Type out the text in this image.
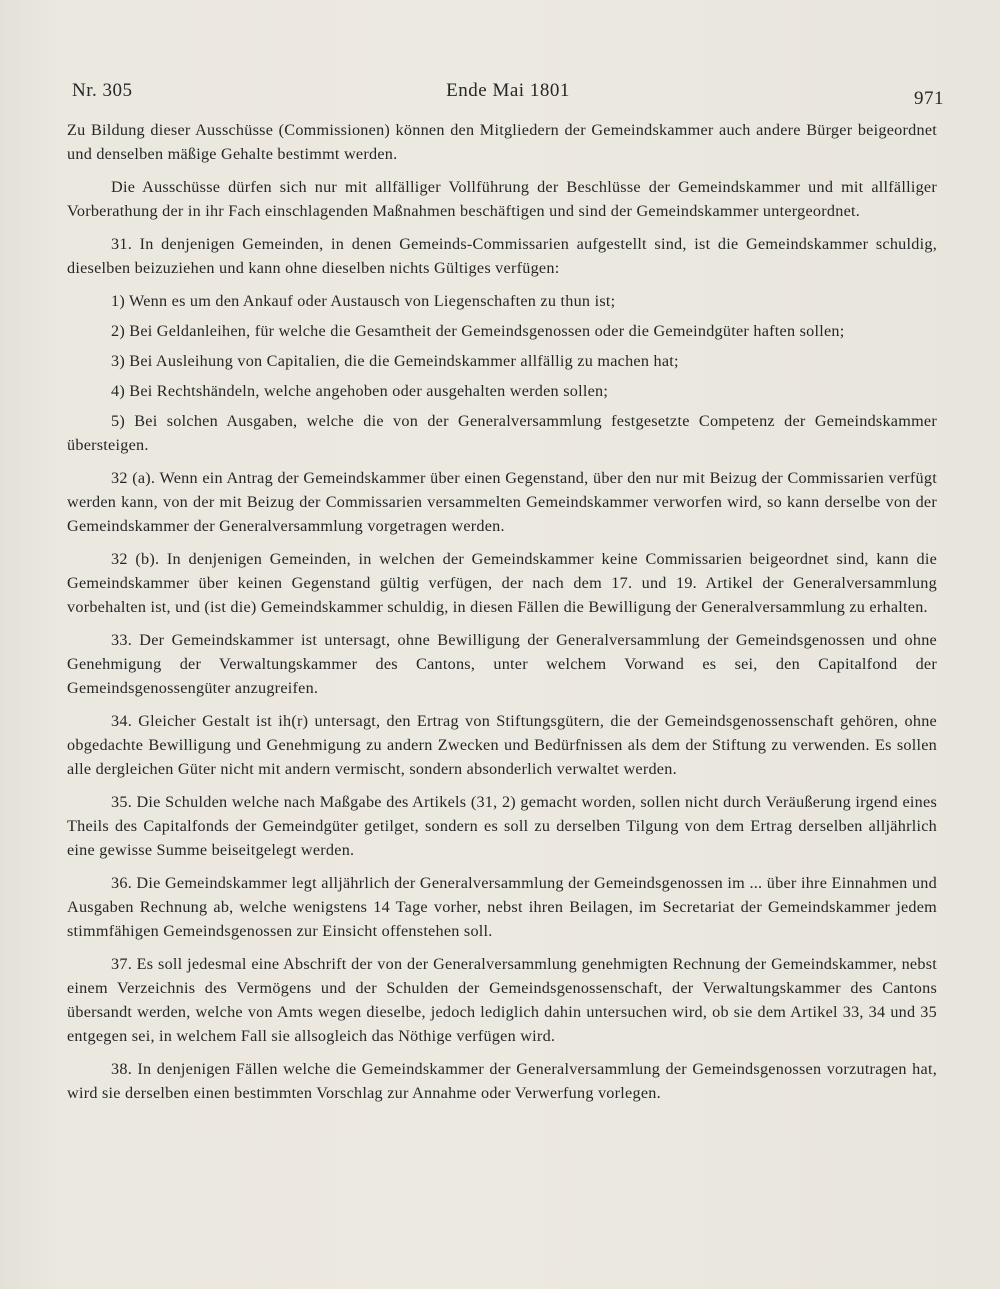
Nr. 305	Ende Mai 1801	971

Zu Bildung dieser Ausschüsse (Commissionen) können den Mitgliedern der Gemeindskammer auch andere Bürger beigeordnet und denselben mäßige Gehalte bestimmt werden.

Die Ausschüsse dürfen sich nur mit allfälliger Vollführung der Beschlüsse der Gemeindskammer und mit allfälliger Vorberathung der in ihr Fach einschlagenden Maßnahmen beschäftigen und sind der Gemeindskammer untergeordnet.

31. In denjenigen Gemeinden, in denen Gemeinds-Commissarien aufgestellt sind, ist die Gemeindskammer schuldig, dieselben beizuziehen und kann ohne dieselben nichts Gültiges verfügen:

1) Wenn es um den Ankauf oder Austausch von Liegenschaften zu thun ist;

2) Bei Geldanleihen, für welche die Gesamtheit der Gemeindsgenossen oder die Gemeindgüter haften sollen;

3) Bei Ausleihung von Capitalien, die die Gemeindskammer allfällig zu machen hat;

4) Bei Rechtshändeln, welche angehoben oder ausgehalten werden sollen;

5) Bei solchen Ausgaben, welche die von der Generalversammlung festgesetzte Competenz der Gemeindskammer übersteigen.

32 (a). Wenn ein Antrag der Gemeindskammer über einen Gegenstand, über den nur mit Beizug der Commissarien verfügt werden kann, von der mit Beizug der Commissarien versammelten Gemeindskammer verworfen wird, so kann derselbe von der Gemeindskammer der Generalversammlung vorgetragen werden.

32 (b). In denjenigen Gemeinden, in welchen der Gemeindskammer keine Commissarien beigeordnet sind, kann die Gemeindskammer über keinen Gegenstand gültig verfügen, der nach dem 17. und 19. Artikel der Generalversammlung vorbehalten ist, und (ist die) Gemeindskammer schuldig, in diesen Fällen die Bewilligung der Generalversammlung zu erhalten.

33. Der Gemeindskammer ist untersagt, ohne Bewilligung der Generalversammlung der Gemeindsgenossen und ohne Genehmigung der Verwaltungskammer des Cantons, unter welchem Vorwand es sei, den Capitalfond der Gemeindsgenossengüter anzugreifen.

34. Gleicher Gestalt ist ih(r) untersagt, den Ertrag von Stiftungsgütern, die der Gemeindsgenossenschaft gehören, ohne obgedachte Bewilligung und Genehmigung zu andern Zwecken und Bedürfnissen als dem der Stiftung zu verwenden. Es sollen alle dergleichen Güter nicht mit andern vermischt, sondern absonderlich verwaltet werden.

35. Die Schulden welche nach Maßgabe des Artikels (31, 2) gemacht worden, sollen nicht durch Veräußerung irgend eines Theils des Capitalfonds der Gemeindgüter getilget, sondern es soll zu derselben Tilgung von dem Ertrag derselben alljährlich eine gewisse Summe beiseitgelegt werden.

36. Die Gemeindskammer legt alljährlich der Generalversammlung der Gemeindsgenossen im ... über ihre Einnahmen und Ausgaben Rechnung ab, welche wenigstens 14 Tage vorher, nebst ihren Beilagen, im Secretariat der Gemeindskammer jedem stimmfähigen Gemeindsgenossen zur Einsicht offenstehen soll.

37. Es soll jedesmal eine Abschrift der von der Generalversammlung genehmigten Rechnung der Gemeindskammer, nebst einem Verzeichnis des Vermögens und der Schulden der Gemeindsgenossenschaft, der Verwaltungskammer des Cantons übersandt werden, welche von Amts wegen dieselbe, jedoch lediglich dahin untersuchen wird, ob sie dem Artikel 33, 34 und 35 entgegen sei, in welchem Fall sie allsogleich das Nöthige verfügen wird.

38. In denjenigen Fällen welche die Gemeindskammer der Generalversammlung der Gemeindsgenossen vorzutragen hat, wird sie derselben einen bestimmten Vorschlag zur Annahme oder Verwerfung vorlegen.
